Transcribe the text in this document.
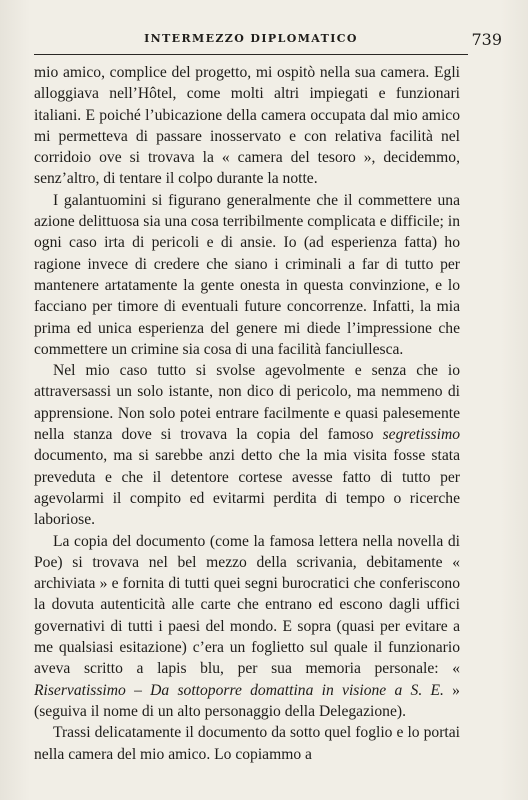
INTERMEZZO DIPLOMATICO	739

mio amico, complice del progetto, mi ospitò nella sua camera. Egli alloggiava nell’Hôtel, come molti altri impiegati e funzionari italiani. E poiché l’ubicazione della camera occupata dal mio amico mi permetteva di passare inosservato e con relativa facilità nel corridoio ove si trovava la « camera del tesoro », decidemmo, senz’altro, di tentare il colpo durante la notte.

I galantuomini si figurano generalmente che il commettere una azione delittuosa sia una cosa terribilmente complicata e difficile; in ogni caso irta di pericoli e di ansie. Io (ad esperienza fatta) ho ragione invece di credere che siano i criminali a far di tutto per mantenere artatamente la gente onesta in questa convinzione, e lo facciano per timore di eventuali future concorrenze. Infatti, la mia prima ed unica esperienza del genere mi diede l’impressione che commettere un crimine sia cosa di una facilità fanciullesca.

Nel mio caso tutto si svolse agevolmente e senza che io attraversassi un solo istante, non dico di pericolo, ma nemmeno di apprensione. Non solo potei entrare facilmente e quasi palesemente nella stanza dove si trovava la copia del famoso segretissimo documento, ma si sarebbe anzi detto che la mia visita fosse stata preveduta e che il detentore cortese avesse fatto di tutto per agevolarmi il compito ed evitarmi perdita di tempo o ricerche laboriose.

La copia del documento (come la famosa lettera nella novella di Poe) si trovava nel bel mezzo della scrivania, debitamente « archiviata » e fornita di tutti quei segni burocratici che conferiscono la dovuta autenticità alle carte che entrano ed escono dagli uffici governativi di tutti i paesi del mondo. E sopra (quasi per evitare a me qualsiasi esitazione) c’era un foglietto sul quale il funzionario aveva scritto a lapis blu, per sua memoria personale: « Riservatissimo – Da sottoporre domattina in visione a S. E. » (seguiva il nome di un alto personaggio della Delegazione).

Trassi delicatamente il documento da sotto quel foglio e lo portai nella camera del mio amico. Lo copiammo a
